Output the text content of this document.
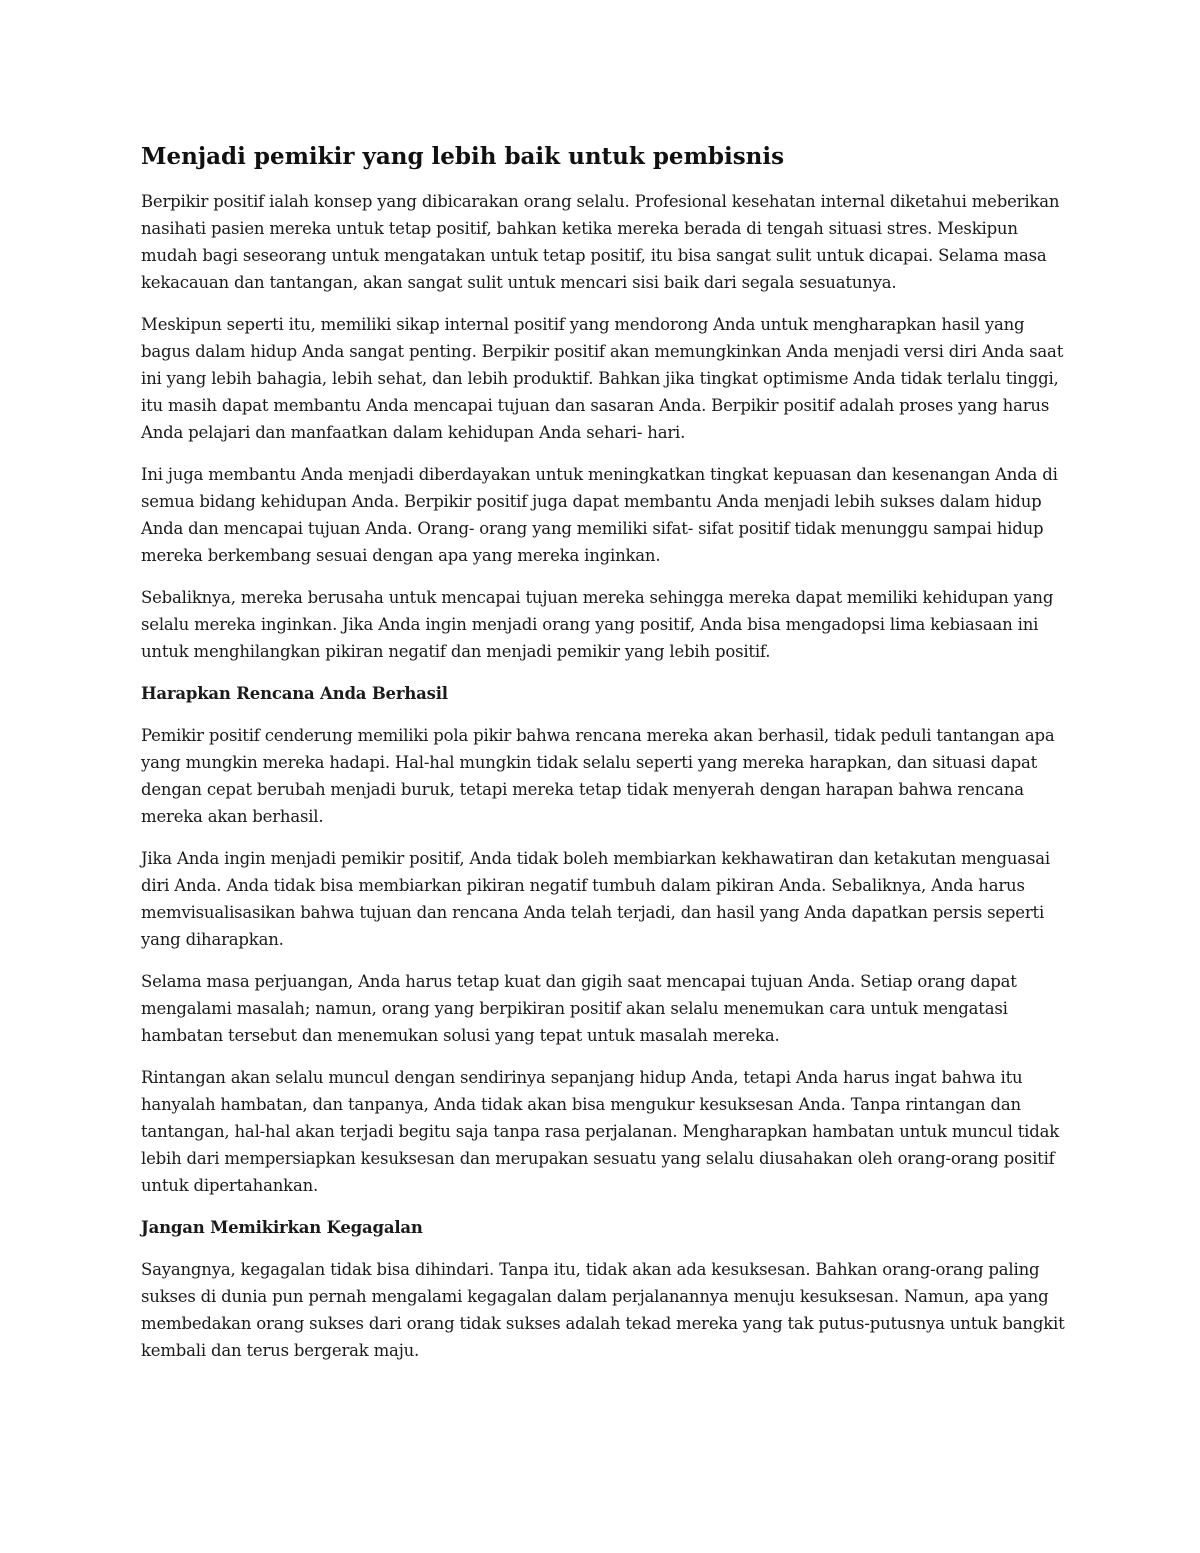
Menjadi pemikir yang lebih baik untuk pembisnis

Berpikir positif ialah konsep yang dibicarakan orang selalu. Profesional kesehatan internal diketahui meberikan nasihati pasien mereka untuk tetap positif, bahkan ketika mereka berada di tengah situasi stres. Meskipun mudah bagi seseorang untuk mengatakan untuk tetap positif, itu bisa sangat sulit untuk dicapai. Selama masa kekacauan dan tantangan, akan sangat sulit untuk mencari sisi baik dari segala sesuatunya.

Meskipun seperti itu, memiliki sikap internal positif yang mendorong Anda untuk mengharapkan hasil yang bagus dalam hidup Anda sangat penting. Berpikir positif akan memungkinkan Anda menjadi versi diri Anda saat ini yang lebih bahagia, lebih sehat, dan lebih produktif. Bahkan jika tingkat optimisme Anda tidak terlalu tinggi, itu masih dapat membantu Anda mencapai tujuan dan sasaran Anda. Berpikir positif adalah proses yang harus Anda pelajari dan manfaatkan dalam kehidupan Anda sehari- hari.

Ini juga membantu Anda menjadi diberdayakan untuk meningkatkan tingkat kepuasan dan kesenangan Anda di semua bidang kehidupan Anda. Berpikir positif juga dapat membantu Anda menjadi lebih sukses dalam hidup Anda dan mencapai tujuan Anda. Orang- orang yang memiliki sifat- sifat positif tidak menunggu sampai hidup mereka berkembang sesuai dengan apa yang mereka inginkan.

Sebaliknya, mereka berusaha untuk mencapai tujuan mereka sehingga mereka dapat memiliki kehidupan yang selalu mereka inginkan. Jika Anda ingin menjadi orang yang positif, Anda bisa mengadopsi lima kebiasaan ini untuk menghilangkan pikiran negatif dan menjadi pemikir yang lebih positif.

Harapkan Rencana Anda Berhasil

Pemikir positif cenderung memiliki pola pikir bahwa rencana mereka akan berhasil, tidak peduli tantangan apa yang mungkin mereka hadapi. Hal-hal mungkin tidak selalu seperti yang mereka harapkan, dan situasi dapat dengan cepat berubah menjadi buruk, tetapi mereka tetap tidak menyerah dengan harapan bahwa rencana mereka akan berhasil.

Jika Anda ingin menjadi pemikir positif, Anda tidak boleh membiarkan kekhawatiran dan ketakutan menguasai diri Anda. Anda tidak bisa membiarkan pikiran negatif tumbuh dalam pikiran Anda. Sebaliknya, Anda harus memvisualisasikan bahwa tujuan dan rencana Anda telah terjadi, dan hasil yang Anda dapatkan persis seperti yang diharapkan.

Selama masa perjuangan, Anda harus tetap kuat dan gigih saat mencapai tujuan Anda. Setiap orang dapat mengalami masalah; namun, orang yang berpikiran positif akan selalu menemukan cara untuk mengatasi hambatan tersebut dan menemukan solusi yang tepat untuk masalah mereka.

Rintangan akan selalu muncul dengan sendirinya sepanjang hidup Anda, tetapi Anda harus ingat bahwa itu hanyalah hambatan, dan tanpanya, Anda tidak akan bisa mengukur kesuksesan Anda. Tanpa rintangan dan tantangan, hal-hal akan terjadi begitu saja tanpa rasa perjalanan. Mengharapkan hambatan untuk muncul tidak lebih dari mempersiapkan kesuksesan dan merupakan sesuatu yang selalu diusahakan oleh orang-orang positif untuk dipertahankan.

Jangan Memikirkan Kegagalan

Sayangnya, kegagalan tidak bisa dihindari. Tanpa itu, tidak akan ada kesuksesan. Bahkan orang-orang paling sukses di dunia pun pernah mengalami kegagalan dalam perjalanannya menuju kesuksesan. Namun, apa yang membedakan orang sukses dari orang tidak sukses adalah tekad mereka yang tak putus-putusnya untuk bangkit kembali dan terus bergerak maju.
